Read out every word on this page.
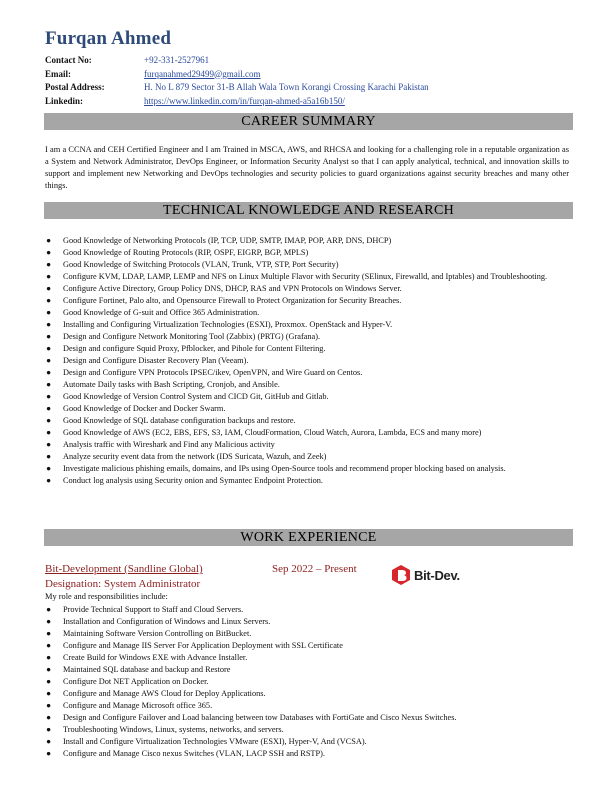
Furqan Ahmed
Contact No:	+92-331-2527961
Email:	furqanahmed29499@gmail.com
Postal Address:	H. No L 879 Sector 31-B Allah Wala Town Korangi Crossing Karachi Pakistan
Linkedin:	https://www.linkedin.com/in/furqan-ahmed-a5a16b150/
CAREER SUMMARY
I am a CCNA and CEH Certified Engineer and I am Trained in MSCA, AWS, and RHCSA and looking for a challenging role in a reputable organization as a System and Network Administrator, DevOps Engineer, or Information Security Analyst so that I can apply analytical, technical, and innovation skills to support and implement new Networking and DevOps technologies and security policies to guard organizations against security breaches and many other things.
TECHNICAL KNOWLEDGE AND RESEARCH
● Good Knowledge of Networking Protocols (IP, TCP, UDP, SMTP, IMAP, POP, ARP, DNS, DHCP)
● Good Knowledge of Routing Protocols (RIP, OSPF, EIGRP, BGP, MPLS)
● Good Knowledge of Switching Protocols (VLAN, Trunk, VTP, STP, Port Security)
● Configure KVM, LDAP, LAMP, LEMP and NFS on Linux Multiple Flavor with Security (SElinux, Firewalld, and Iptables) and Troubleshooting.
● Configure Active Directory, Group Policy DNS, DHCP, RAS and VPN Protocols on Windows Server.
● Configure Fortinet, Palo alto, and Opensource Firewall to Protect Organization for Security Breaches.
● Good Knowledge of G-suit and Office 365 Administration.
● Installing and Configuring Virtualization Technologies (ESXI), Proxmox. OpenStack and Hyper-V.
● Design and Configure Network Monitoring Tool (Zabbix) (PRTG) (Grafana).
● Design and configure Squid Proxy, Pfblocker, and Pihole for Content Filtering.
● Design and Configure Disaster Recovery Plan (Veeam).
● Design and Configure VPN Protocols IPSEC/ikev, OpenVPN, and Wire Guard on Centos.
● Automate Daily tasks with Bash Scripting, Cronjob, and Ansible.
● Good Knowledge of Version Control System and CICD Git, GitHub and Gitlab.
● Good Knowledge of Docker and Docker Swarm.
● Good Knowledge of SQL database configuration backups and restore.
● Good Knowledge of AWS (EC2, EBS, EFS, S3, IAM, CloudFormation, Cloud Watch, Aurora, Lambda, ECS and many more)
● Analysis traffic with Wireshark and Find any Malicious activity
● Analyze security event data from the network (IDS Suricata, Wazuh, and Zeek)
● Investigate malicious phishing emails, domains, and IPs using Open-Source tools and recommend proper blocking based on analysis.
● Conduct log analysis using Security onion and Symantec Endpoint Protection.
WORK EXPERIENCE
Bit-Development (Sandline Global)	Sep 2022 – Present	Bit-Dev.
Designation: System Administrator
My role and responsibilities include:
● Provide Technical Support to Staff and Cloud Servers.
● Installation and Configuration of Windows and Linux Servers.
● Maintaining Software Version Controlling on BitBucket.
● Configure and Manage IIS Server For Application Deployment with SSL Certificate
● Create Build for Windows EXE with Advance Installer.
● Maintained SQL database and backup and Restore
● Configure Dot NET Application on Docker.
● Configure and Manage AWS Cloud for Deploy Applications.
● Configure and Manage Microsoft office 365.
● Design and Configure Failover and Load balancing between tow Databases with FortiGate and Cisco Nexus Switches.
● Troubleshooting Windows, Linux, systems, networks, and servers.
● Install and Configure Virtualization Technologies VMware (ESXI), Hyper-V, And (VCSA).
● Configure and Manage Cisco nexus Switches (VLAN, LACP SSH and RSTP).
